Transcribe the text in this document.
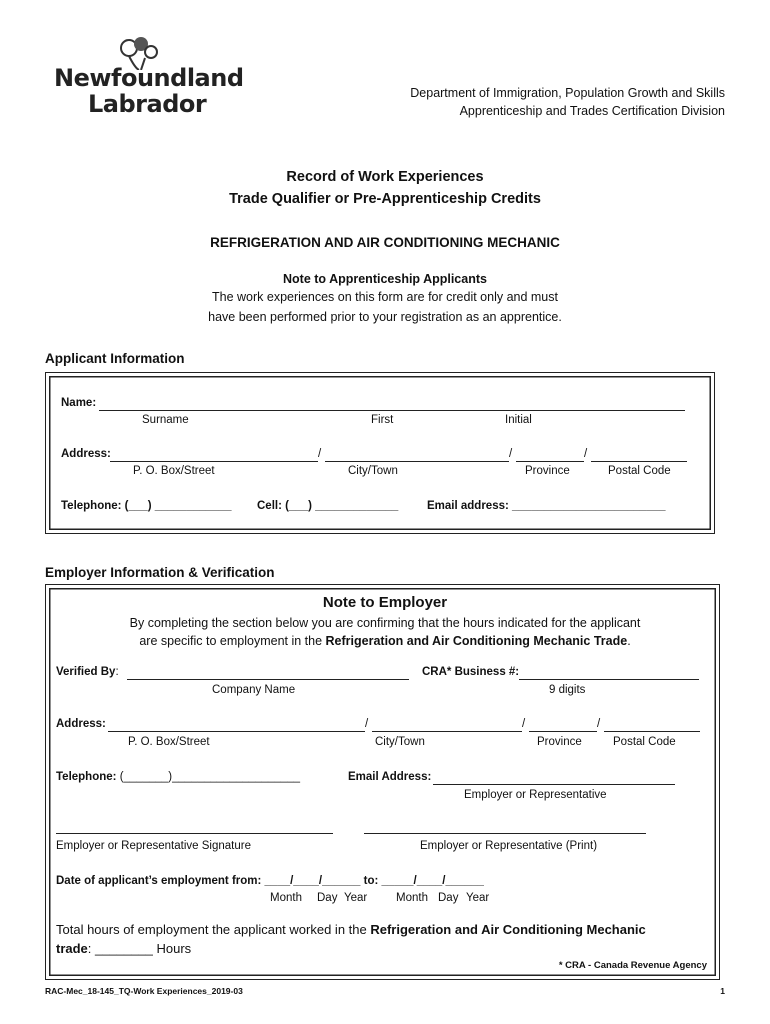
Newfoundland
Labrador	Department of Immigration, Population Growth and Skills
Apprenticeship and Trades Certification Division
Record of Work Experiences
Trade Qualifier or Pre-Apprenticeship Credits
REFRIGERATION AND AIR CONDITIONING MECHANIC
Note to Apprenticeship Applicants
The work experiences on this form are for credit only and must
have been performed prior to your registration as an apprentice.
Applicant Information
Name:
Surname	First	Initial
Address:	/	/	/
P. O. Box/Street	City/Town	Province	Postal Code
Telephone: (___) ____________ Cell: (___) _____________ Email address: ________________________
Employer Information & Verification
Note to Employer
By completing the section below you are confirming that the hours indicated for the applicant
are specific to employment in the Refrigeration and Air Conditioning Mechanic Trade.
Verified By:	CRA* Business #:
Company Name	9 digits
Address:	/	/	/
P. O. Box/Street	City/Town	Province	Postal Code
Telephone: (_______)____________________	Email Address:
Employer or Representative
Employer or Representative Signature	Employer or Representative (Print)
Date of applicant’s employment from: ____/____/______ to: _____/____/______
Month Day Year	Month Day Year
Total hours of employment the applicant worked in the Refrigeration and Air Conditioning Mechanic
trade: ________ Hours
* CRA - Canada Revenue Agency
RAC-Mec_18-145_TQ-Work Experiences_2019-03	1
